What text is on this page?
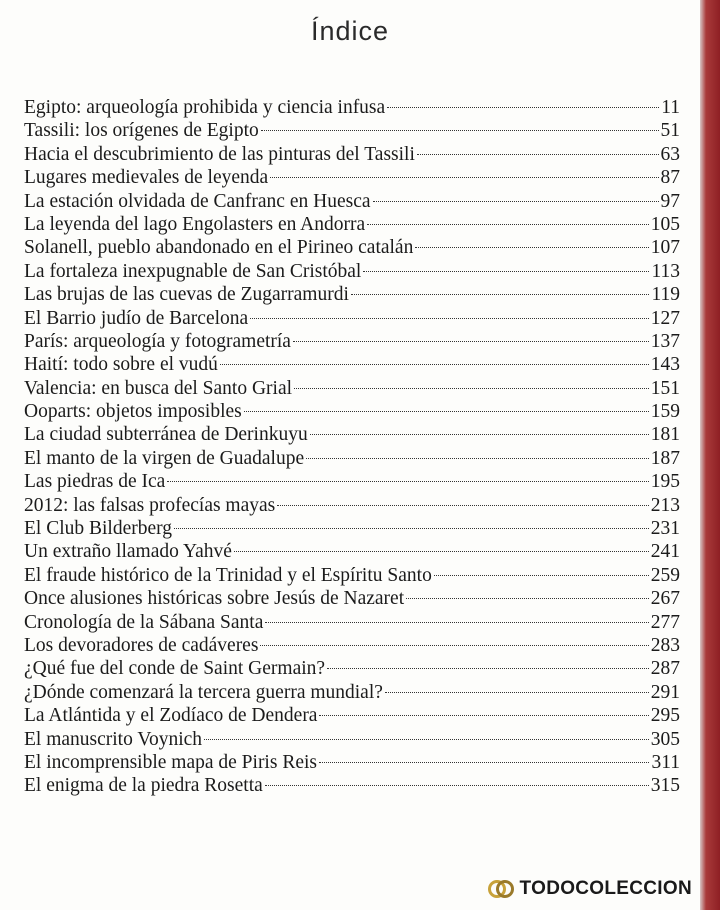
Índice
Egipto: arqueología prohibida y ciencia infusa	11
Tassili: los orígenes de Egipto	51
Hacia el descubrimiento de las pinturas del Tassili	63
Lugares medievales de leyenda	87
La estación olvidada de Canfranc en Huesca	97
La leyenda del lago Engolasters en Andorra	105
Solanell, pueblo abandonado en el Pirineo catalán	107
La fortaleza inexpugnable de San Cristóbal	113
Las brujas de las cuevas de Zugarramurdi	119
El Barrio judío de Barcelona	127
París: arqueología y fotogrametría	137
Haití: todo sobre el vudú	143
Valencia: en busca del Santo Grial	151
Ooparts: objetos imposibles	159
La ciudad subterránea de Derinkuyu	181
El manto de la virgen de Guadalupe	187
Las piedras de Ica	195
2012: las falsas profecías mayas	213
El Club Bilderberg	231
Un extraño llamado Yahvé	241
El fraude histórico de la Trinidad y el Espíritu Santo	259
Once alusiones históricas sobre Jesús de Nazaret	267
Cronología de la Sábana Santa	277
Los devoradores de cadáveres	283
¿Qué fue del conde de Saint Germain?	287
¿Dónde comenzará la tercera guerra mundial?	291
La Atlántida y el Zodíaco de Dendera	295
El manuscrito Voynich	305
El incomprensible mapa de Piris Reis	311
El enigma de la piedra Rosetta	315
TODOCOLECCION
